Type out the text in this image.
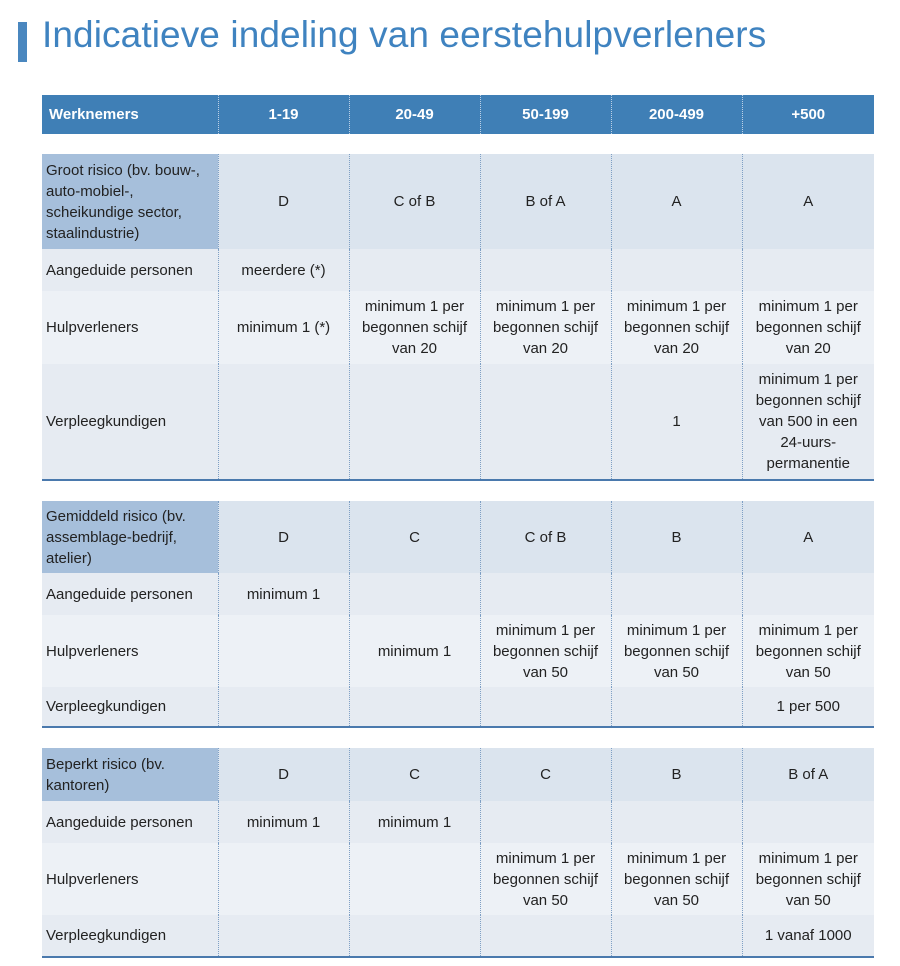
Indicatieve indeling van eerstehulpverleners
Werknemers	1-19	20-49	50-199	200-499	+500

Groot risico (bv. bouw-, auto-mobiel-, scheikundige sector, staalindustrie)	D	C of B	B of A	A	A
Aangeduide personen	meerdere (*)				
Hulpverleners	minimum 1 (*)	minimum 1 per begonnen schijf van 20	minimum 1 per begonnen schijf van 20	minimum 1 per begonnen schijf van 20	minimum 1 per begonnen schijf van 20
Verpleegkundigen				1	minimum 1 per begonnen schijf van 500 in een 24-uurs-permanentie

Gemiddeld risico (bv. assemblage-bedrijf, atelier)	D	C	C of B	B	A
Aangeduide personen	minimum 1				
Hulpverleners		minimum 1	minimum 1 per begonnen schijf van 50	minimum 1 per begonnen schijf van 50	minimum 1 per begonnen schijf van 50
Verpleegkundigen					1 per 500

Beperkt risico (bv. kantoren)	D	C	C	B	B of A
Aangeduide personen	minimum 1	minimum 1			
Hulpverleners			minimum 1 per begonnen schijf van 50	minimum 1 per begonnen schijf van 50	minimum 1 per begonnen schijf van 50
Verpleegkundigen					1 vanaf 1000
